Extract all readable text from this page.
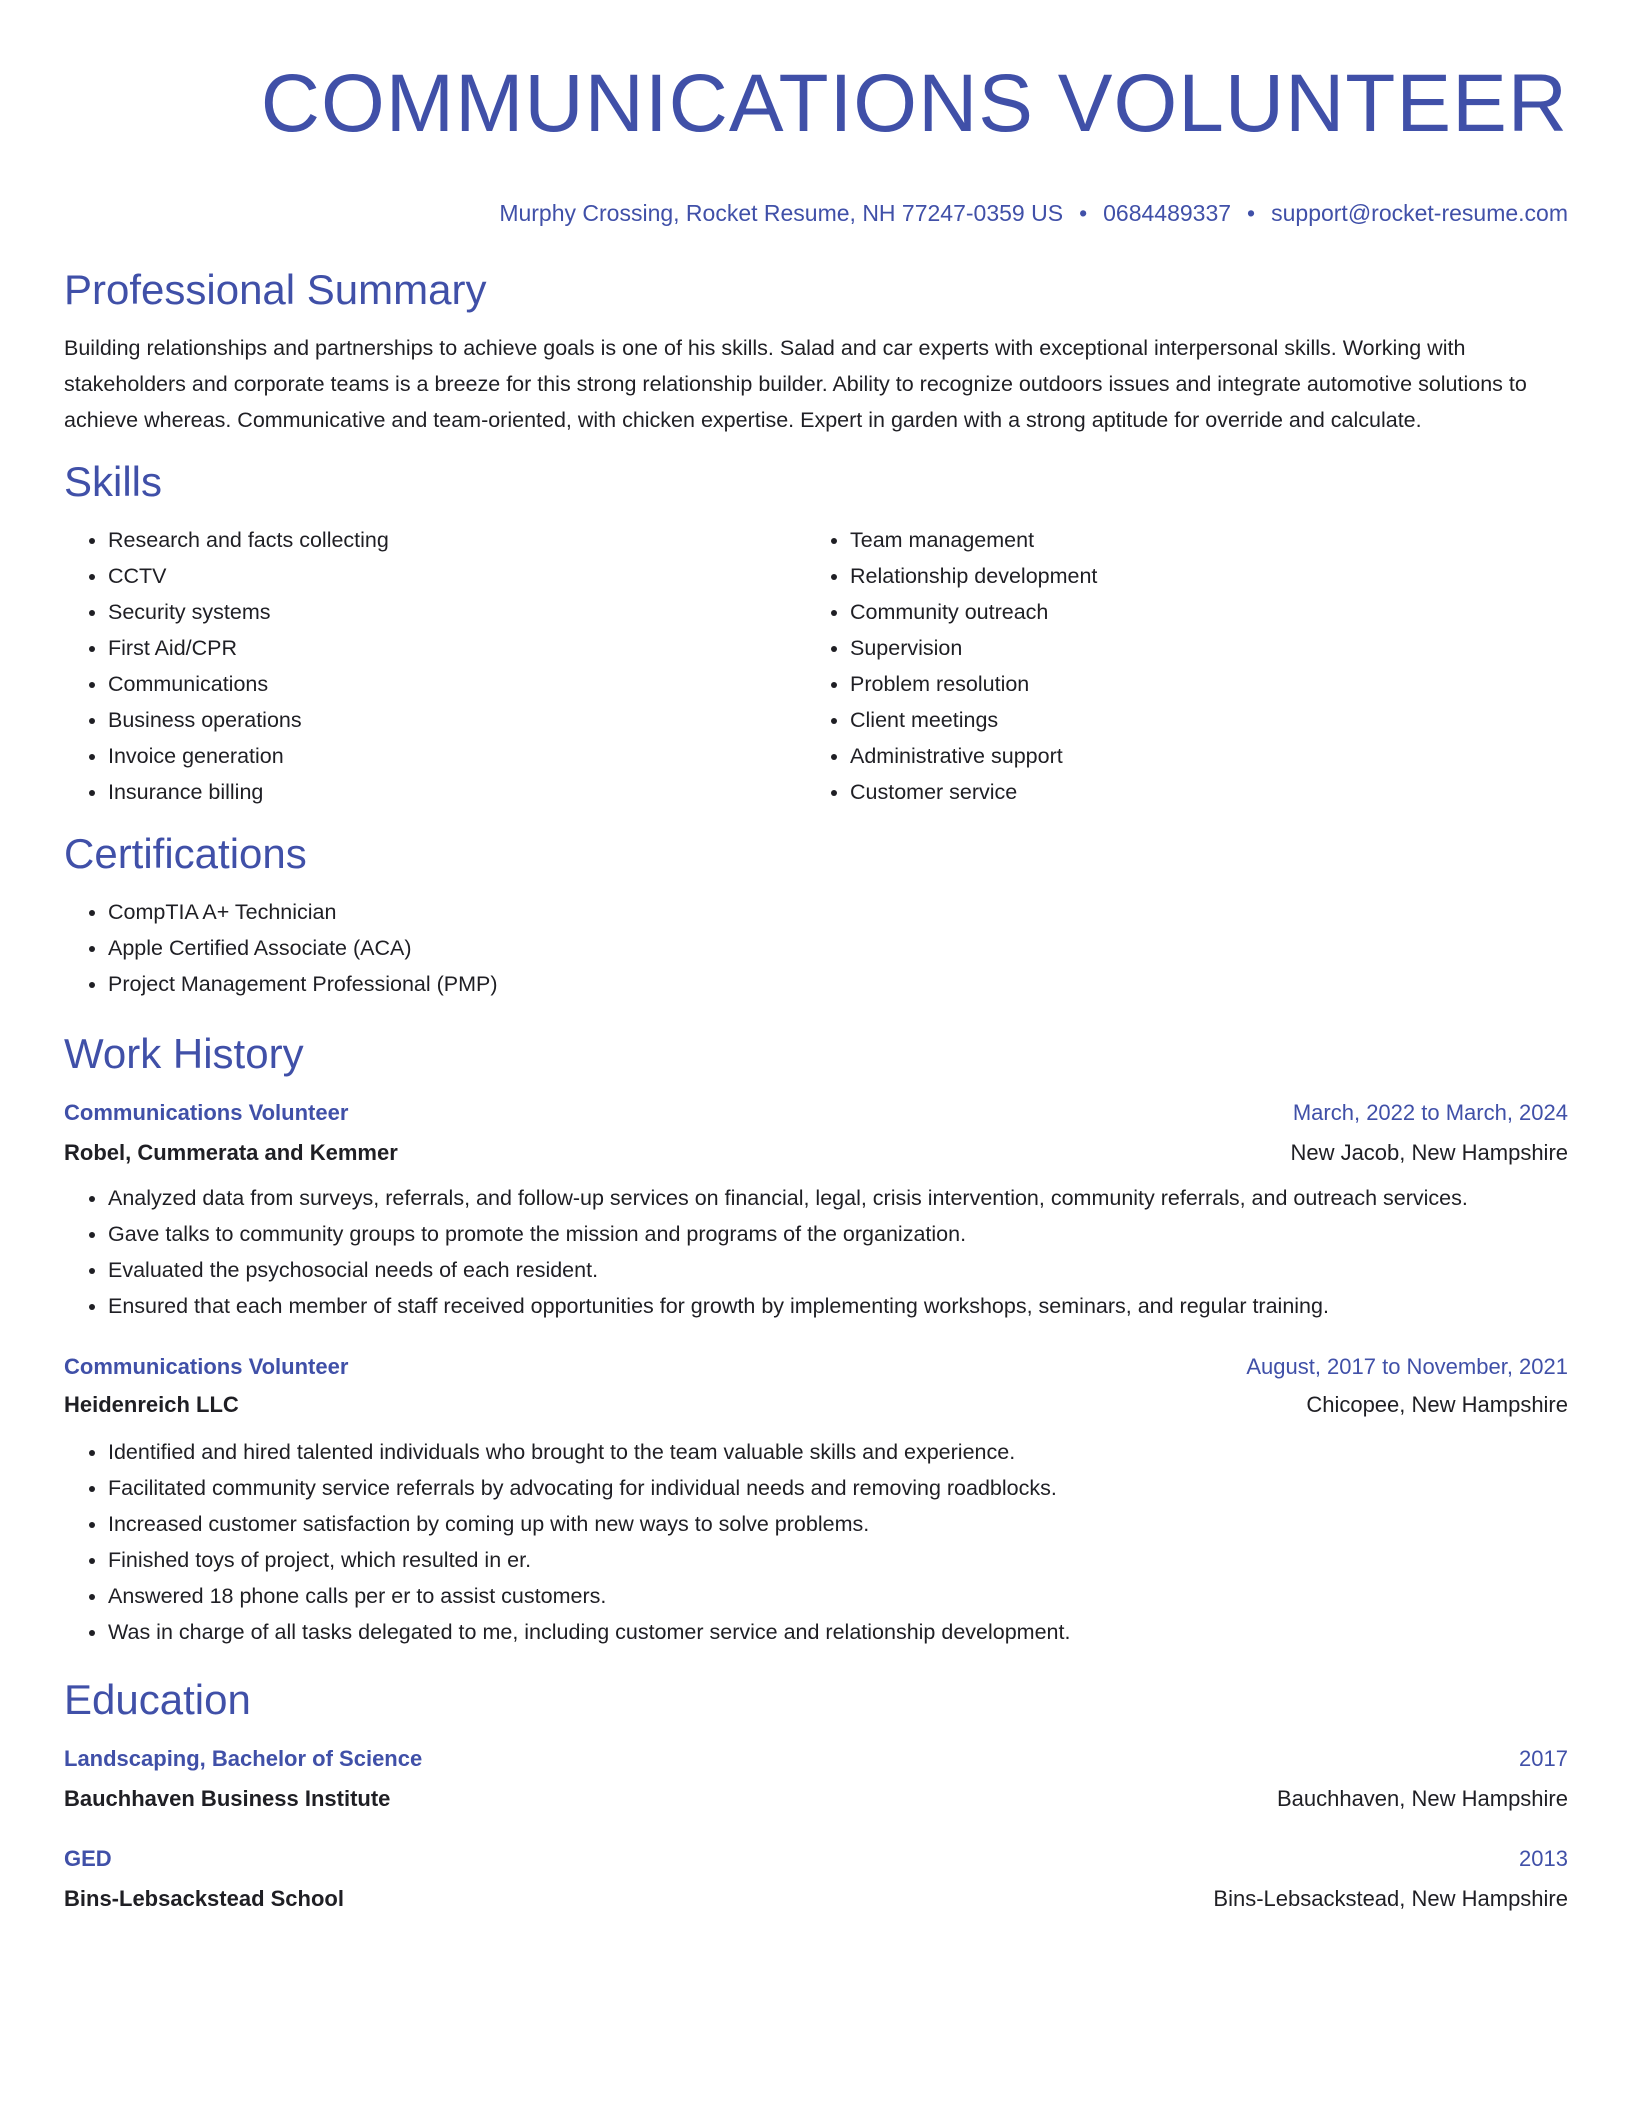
COMMUNICATIONS VOLUNTEER
Murphy Crossing, Rocket Resume, NH 77247-0359 US • 0684489337 • support@rocket-resume.com
Professional Summary

Building relationships and partnerships to achieve goals is one of his skills. Salad and car experts with exceptional interpersonal skills. Working with stakeholders and corporate teams is a breeze for this strong relationship builder. Ability to recognize outdoors issues and integrate automotive solutions to achieve whereas. Communicative and team-oriented, with chicken expertise. Expert in garden with a strong aptitude for override and calculate.

Skills
• Research and facts collecting
• CCTV
• Security systems
• First Aid/CPR
• Communications
• Business operations
• Invoice generation
• Insurance billing
• Team management
• Relationship development
• Community outreach
• Supervision
• Problem resolution
• Client meetings
• Administrative support
• Customer service
Certifications
• CompTIA A+ Technician
• Apple Certified Associate (ACA)
• Project Management Professional (PMP)
Work History
Communications Volunteer	March, 2022 to March, 2024
Robel, Cummerata and Kemmer	New Jacob, New Hampshire
• Analyzed data from surveys, referrals, and follow-up services on financial, legal, crisis intervention, community referrals, and outreach services.
• Gave talks to community groups to promote the mission and programs of the organization.
• Evaluated the psychosocial needs of each resident.
• Ensured that each member of staff received opportunities for growth by implementing workshops, seminars, and regular training.
Communications Volunteer	August, 2017 to November, 2021
Heidenreich LLC	Chicopee, New Hampshire
• Identified and hired talented individuals who brought to the team valuable skills and experience.
• Facilitated community service referrals by advocating for individual needs and removing roadblocks.
• Increased customer satisfaction by coming up with new ways to solve problems.
• Finished toys of project, which resulted in er.
• Answered 18 phone calls per er to assist customers.
• Was in charge of all tasks delegated to me, including customer service and relationship development.
Education
Landscaping, Bachelor of Science	2017
Bauchhaven Business Institute	Bauchhaven, New Hampshire
GED	2013
Bins-Lebsackstead School	Bins-Lebsackstead, New Hampshire
